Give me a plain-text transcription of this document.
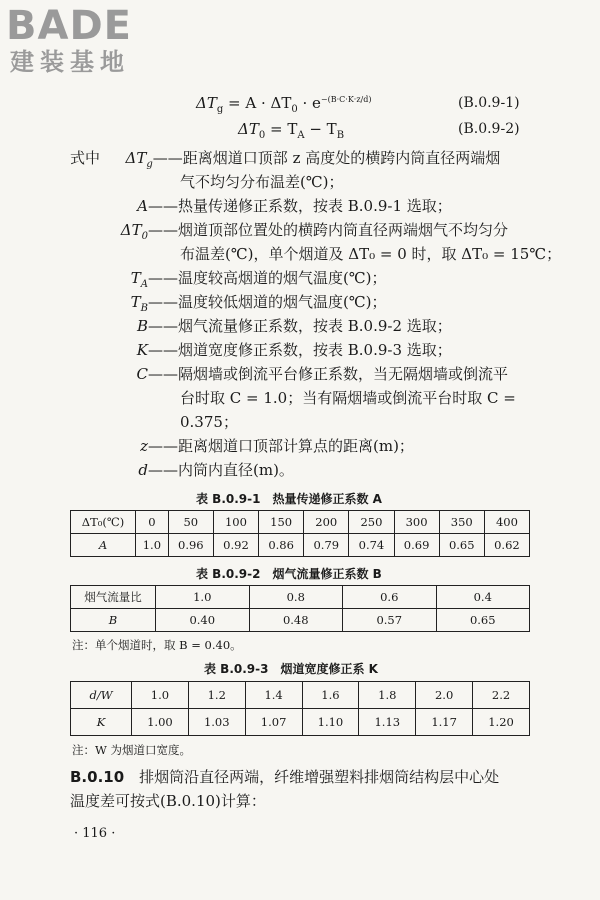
BADE
建装基地
$\Delta T_g = A \cdot \Delta T_0 \cdot e^{-(B\cdot C\cdot K\cdot z/d)}$	(B.0.9-1)
$\Delta T_0 = T_A - T_B$	(B.0.9-2)
式中 $\Delta T_g——$距离烟道口顶部 z 高度处的横跨内筒直径两端烟
气不均匀分布温差(℃)；
A——热量传递修正系数，按表 B.0.9-1 选取；
$\Delta T_0——$烟道顶部位置处的横跨内筒直径两端烟气不均匀分
布温差(℃)，单个烟道及 ΔT₀ = 0 时，取 ΔT₀ = 15℃；
$T_A——$温度较高烟道的烟气温度(℃)；
$T_B——$温度较低烟道的烟气温度(℃)；
B——烟气流量修正系数，按表 B.0.9-2 选取；
K——烟道宽度修正系数，按表 B.0.9-3 选取；
C——隔烟墙或倒流平台修正系数，当无隔烟墙或倒流平
台时取 C = 1.0；当有隔烟墙或倒流平台时取 C =
0.375；
z——距离烟道口顶部计算点的距离(m)；
d——内筒内直径(m)。
表 B.0.9-1　热量传递修正系数 A
ΔT₀(℃)	0	50	100	150	200	250	300	350	400
A	1.0	0.96	0.92	0.86	0.79	0.74	0.69	0.65	0.62
表 B.0.9-2　烟气流量修正系数 B
烟气流量比	1.0	0.8	0.6	0.4
B	0.40	0.48	0.57	0.65
注：单个烟道时，取 B = 0.40。
表 B.0.9-3　烟道宽度修正系 K
d/W	1.0	1.2	1.4	1.6	1.8	2.0	2.2
K	1.00	1.03	1.07	1.10	1.13	1.17	1.20
注：W 为烟道口宽度。
B.0.10　 排烟筒沿直径两端，纤维增强塑料排烟筒结构层中心处
温度差可按式(B.0.10)计算：
· 116 ·
